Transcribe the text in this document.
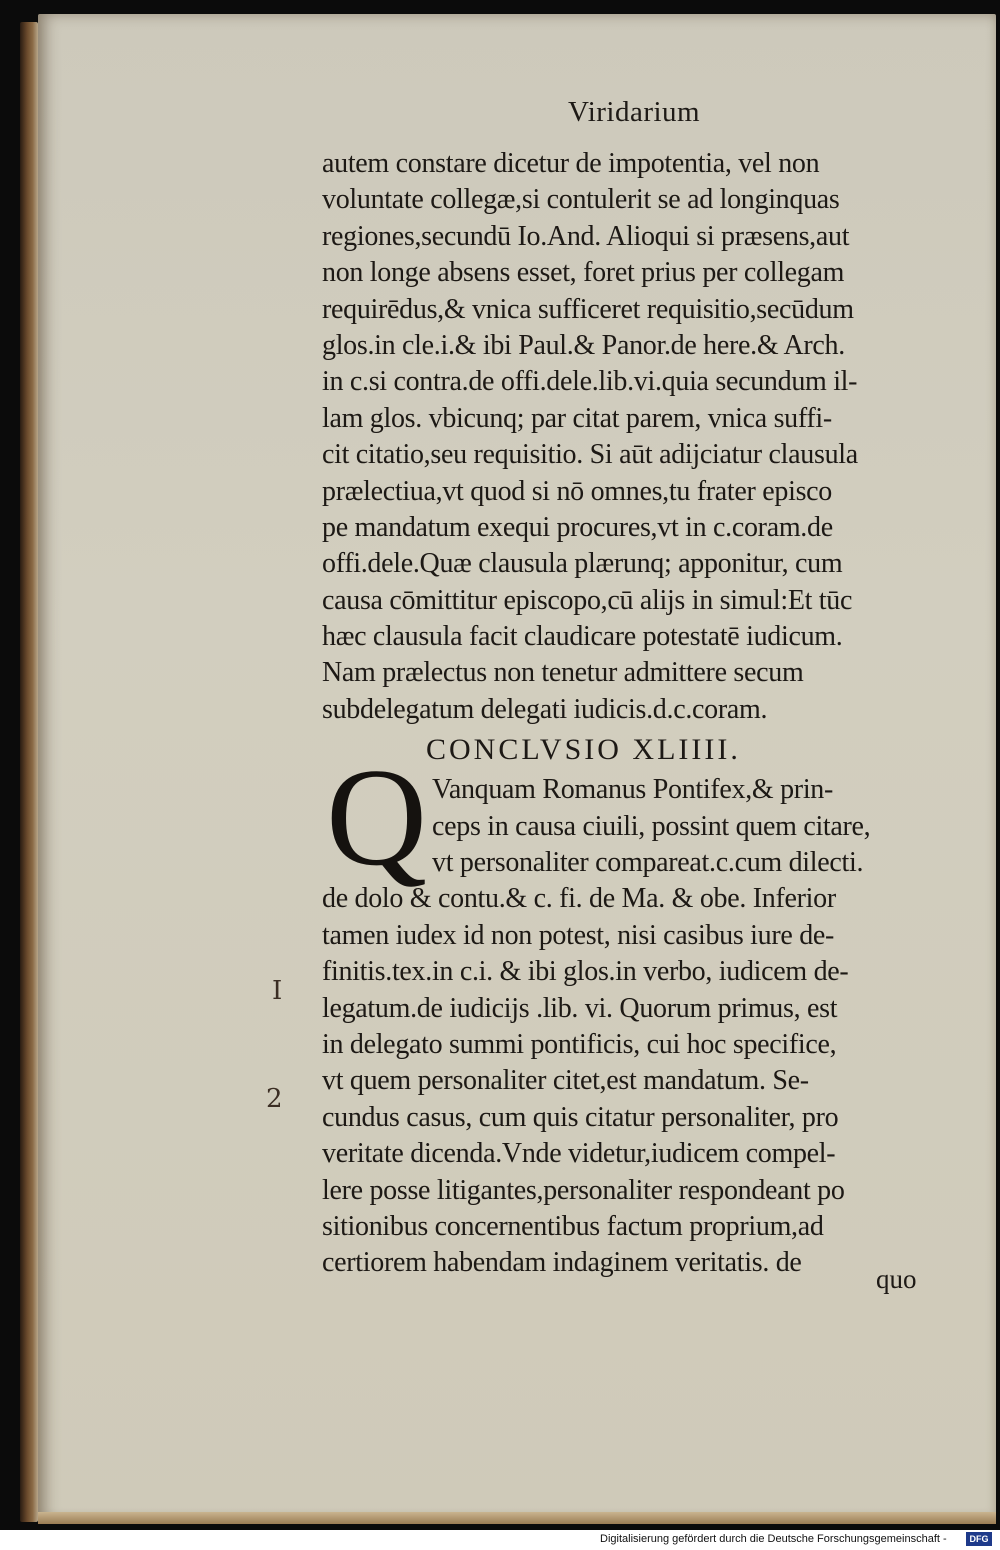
Viridarium
Q
I
2
autem constare dicetur de impotentia, vel non
voluntate collegæ,si contulerit se ad longinquas
regiones,secundū Io.And. Alioqui si præsens,aut
non longe absens esset, foret prius per collegam
requirēdus,& vnica sufficeret requisitio,secūdum
glos.in cle.i.& ibi Paul.& Panor.de here.& Arch.
in c.si contra.de offi.dele.lib.vi.quia secundum il-
lam glos. vbicunq; par citat parem, vnica suffi-
cit citatio,seu requisitio. Si aūt adijciatur clausula
prælectiua,vt quod si nō omnes,tu frater episco
pe mandatum exequi procures,vt in c.coram.de
offi.dele.Quæ clausula plærunq; apponitur, cum
causa cōmittitur episcopo,cū alijs in simul:Et tūc
hæc clausula facit claudicare potestatē iudicum.
Nam prælectus non tenetur admittere secum
subdelegatum delegati iudicis.d.c.coram.
CONCLVSIO XLIIII.
Vanquam Romanus Pontifex,& prin-
ceps in causa ciuili, possint quem citare,
vt personaliter compareat.c.cum dilecti.
de dolo & contu.& c. fi. de Ma. & obe. Inferior
tamen iudex id non potest, nisi casibus iure de-
finitis.tex.in c.i. & ibi glos.in verbo, iudicem de-
legatum.de iudicijs .lib. vi. Quorum primus, est
in delegato summi pontificis, cui hoc specifice,
vt quem personaliter citet,est mandatum. Se-
cundus casus, cum quis citatur personaliter, pro
veritate dicenda.Vnde videtur,iudicem compel-
lere posse litigantes,personaliter respondeant po
sitionibus concernentibus factum proprium,ad
certiorem habendam indaginem veritatis. de
quo
Digitalisierung gefördert durch die Deutsche Forschungsgemeinschaft -	DFG
